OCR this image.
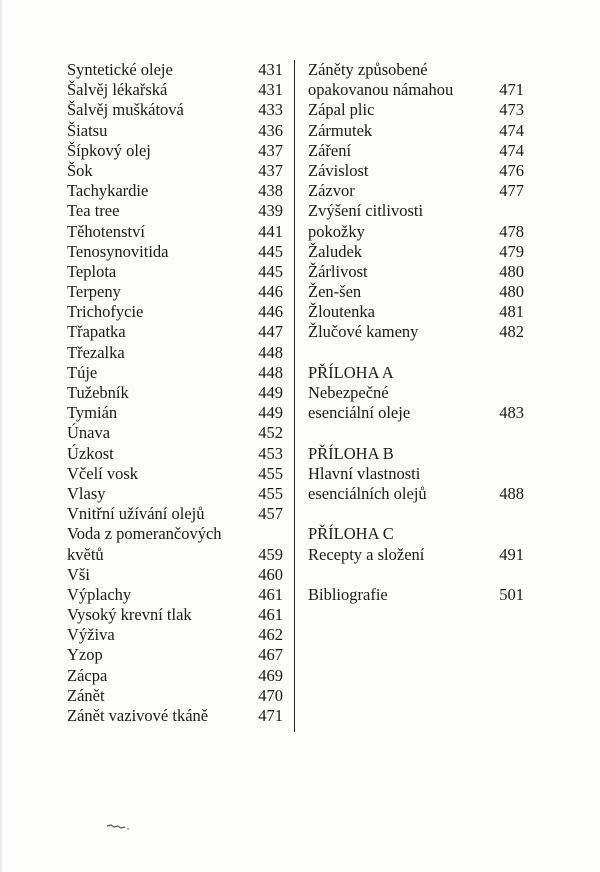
Syntetické oleje	431
Šalvěj lékařská	431
Šalvěj muškátová	433
Šiatsu	436
Šípkový olej	437
Šok	437
Tachykardie	438
Tea tree	439
Těhotenství	441
Tenosynovitida	445
Teplota	445
Terpeny	446
Trichofycie	446
Třapatka	447
Třezalka	448
Túje	448
Tužebník	449
Tymián	449
Únava	452
Úzkost	453
Včelí vosk	455
Vlasy	455
Vnitřní užívání olejů	457
Voda z pomerančových
květů	459
Vši	460
Výplachy	461
Vysoký krevní tlak	461
Výživa	462
Yzop	467
Zácpa	469
Zánět	470
Zánět vazivové tkáně	471
Záněty způsobené
opakovanou námahou	471
Zápal plic	473
Zármutek	474
Záření	474
Závislost	476
Zázvor	477
Zvýšení citlivosti
pokožky	478
Žaludek	479
Žárlivost	480
Žen-šen	480
Žloutenka	481
Žlučové kameny	482
PŘÍLOHA A
Nebezpečné
esenciální oleje	483
PŘÍLOHA B
Hlavní vlastnosti
esenciálních olejů	488
PŘÍLOHA C
Recepty a složení	491
Bibliografie	501
